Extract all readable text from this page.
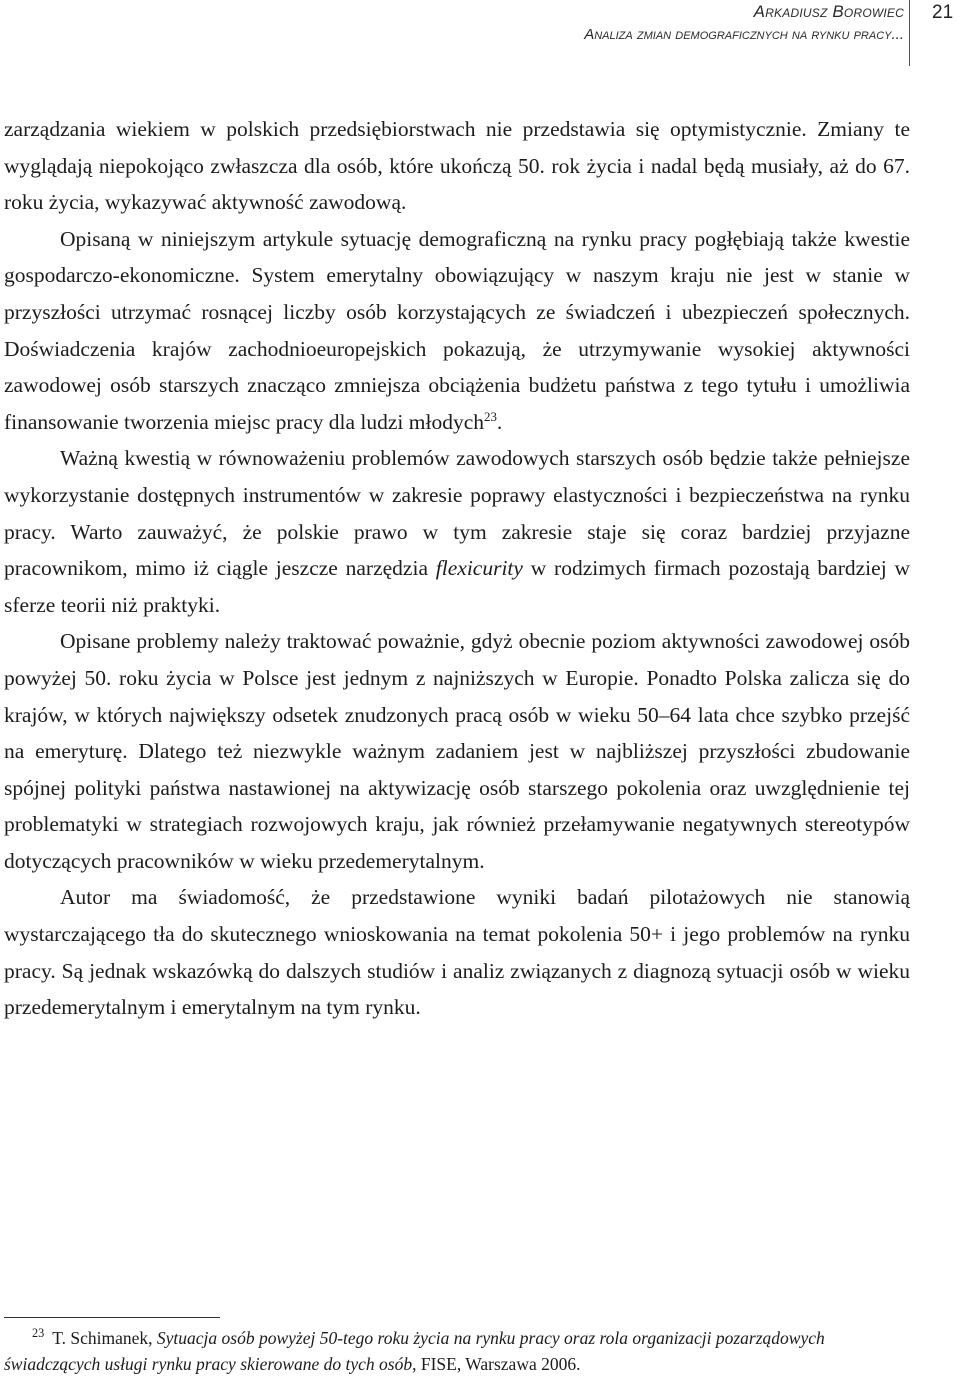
Arkadiusz Borowiec
Analiza zmian demograficznych na rynku pracy...
21

zarządzania wiekiem w polskich przedsiębiorstwach nie przedstawia się optymistycznie. Zmiany te wyglądają niepokojąco zwłaszcza dla osób, które ukończą 50. rok życia i nadal będą musiały, aż do 67. roku życia, wykazywać aktywność zawodową.

Opisaną w niniejszym artykule sytuację demograficzną na rynku pracy pogłębiają także kwestie gospodarczo-ekonomiczne. System emerytalny obowiązujący w naszym kraju nie jest w stanie w przyszłości utrzymać rosnącej liczby osób korzystających ze świadczeń i ubezpieczeń społecznych. Doświadczenia krajów zachodnioeuropejskich pokazują, że utrzymywanie wysokiej aktywności zawodowej osób starszych znacząco zmniejsza obciążenia budżetu państwa z tego tytułu i umożliwia finansowanie tworzenia miejsc pracy dla ludzi młodych$^{23}$.

Ważną kwestią w równoważeniu problemów zawodowych starszych osób będzie także pełniejsze wykorzystanie dostępnych instrumentów w zakresie poprawy elastyczności i bezpieczeństwa na rynku pracy. Warto zauważyć, że polskie prawo w tym zakresie staje się coraz bardziej przyjazne pracownikom, mimo iż ciągle jeszcze narzędzia flexicurity w rodzimych firmach pozostają bardziej w sferze teorii niż praktyki.

Opisane problemy należy traktować poważnie, gdyż obecnie poziom aktywności zawodowej osób powyżej 50. roku życia w Polsce jest jednym z najniższych w Europie. Ponadto Polska zalicza się do krajów, w których największy odsetek znudzonych pracą osób w wieku 50–64 lata chce szybko przejść na emeryturę. Dlatego też niezwykle ważnym zadaniem jest w najbliższej przyszłości zbudowanie spójnej polityki państwa nastawionej na aktywizację osób starszego pokolenia oraz uwzględnienie tej problematyki w strategiach rozwojowych kraju, jak również przełamywanie negatywnych stereotypów dotyczących pracowników w wieku przedemerytalnym.

Autor ma świadomość, że przedstawione wyniki badań pilotażowych nie stanowią wystarczającego tła do skutecznego wnioskowania na temat pokolenia 50+ i jego problemów na rynku pracy. Są jednak wskazówką do dalszych studiów i analiz związanych z diagnozą sytuacji osób w wieku przedemerytalnym i emerytalnym na tym rynku.

$^{23}$ T. Schimanek, Sytuacja osób powyżej 50-tego roku życia na rynku pracy oraz rola organizacji pozarządowych świadczących usługi rynku pracy skierowane do tych osób, FISE, Warszawa 2006.
